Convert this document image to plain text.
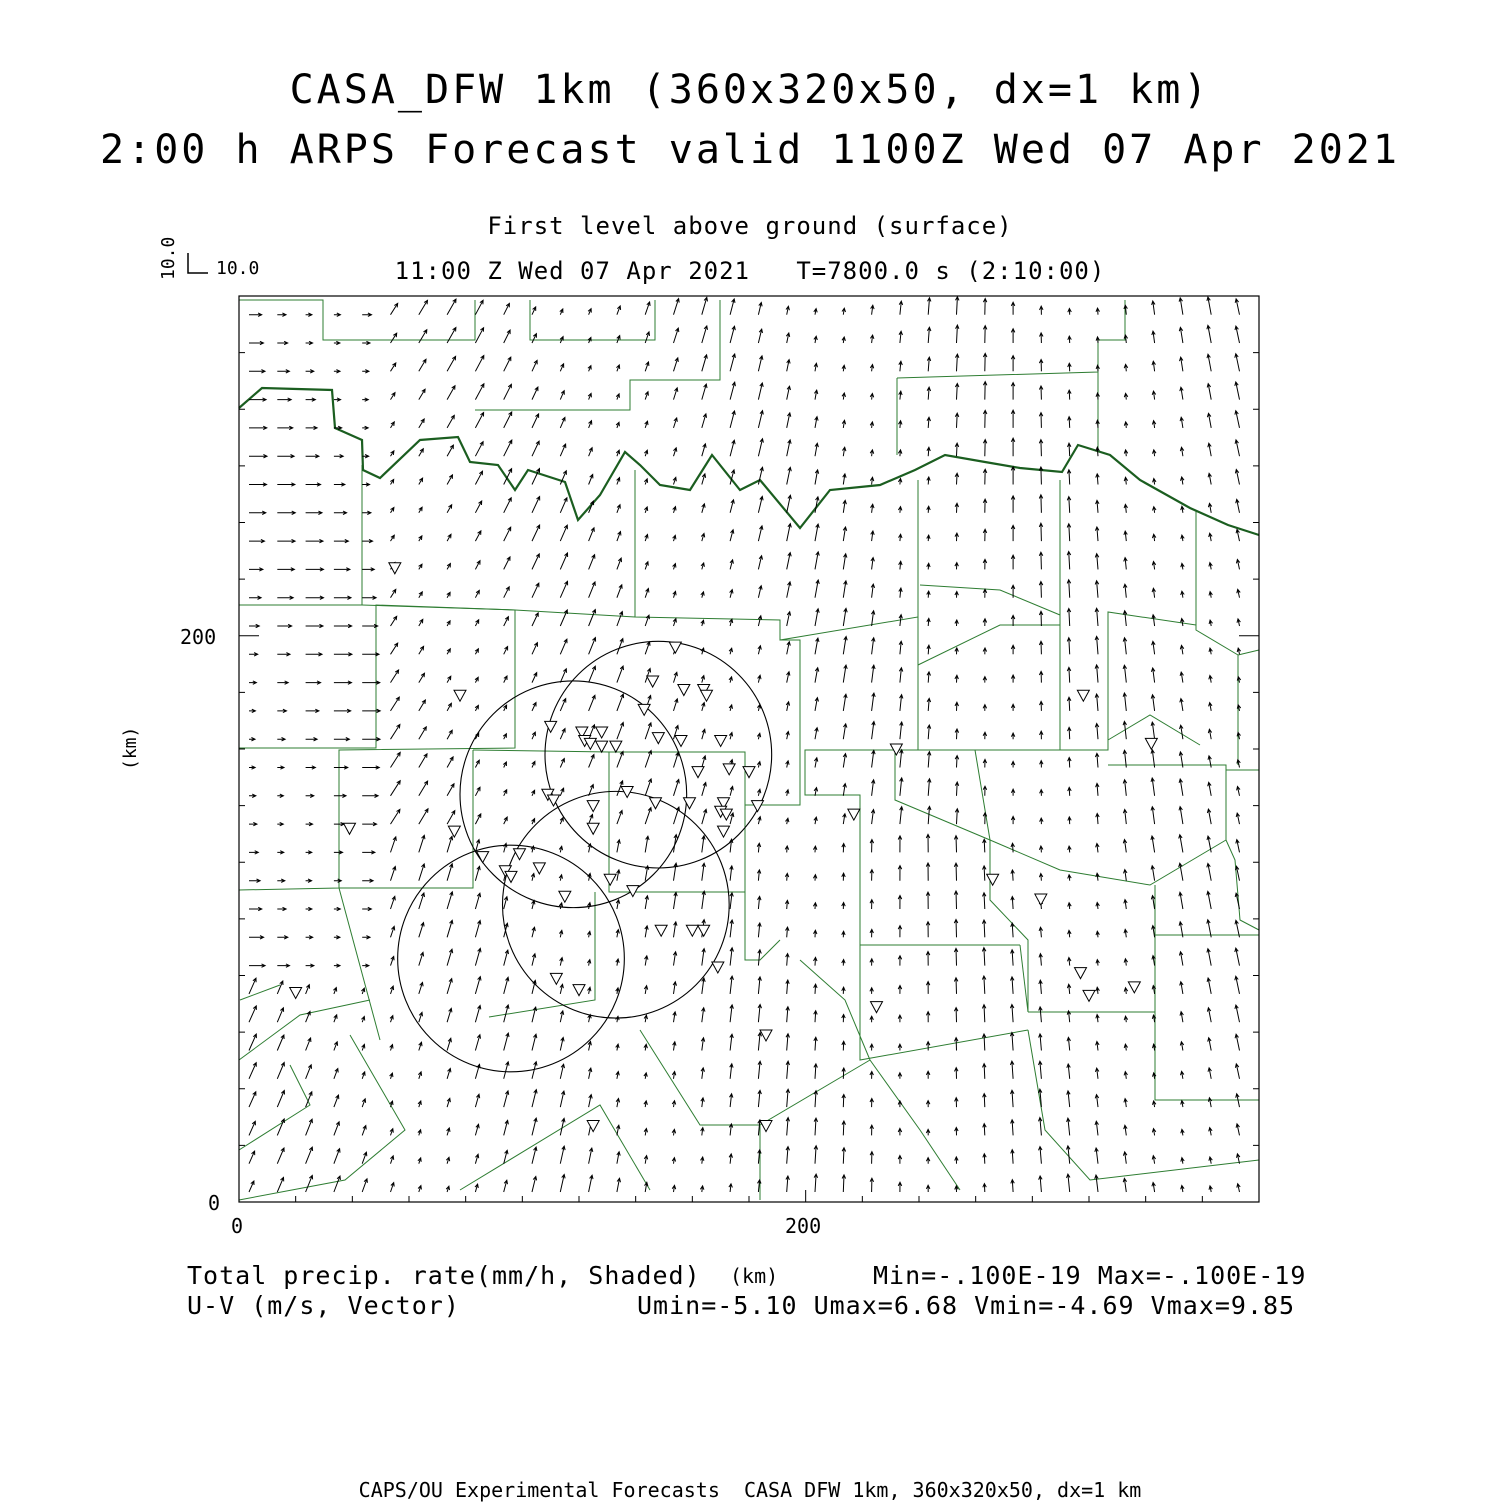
CASA_DFW 1km (360x320x50, dx=1 km)
2:00 h ARPS Forecast valid 1100Z Wed 07 Apr 2021
First level above ground (surface)
11:00 Z Wed 07 Apr 2021   T=7800.0 s (2:10:00)
10.0
10.0
(km)
0	200
0
200
Total precip. rate(mm/h, Shaded) (km)	Min=-.100E-19 Max=-.100E-19
U-V (m/s, Vector)	Umin=-5.10 Umax=6.68 Vmin=-4.69 Vmax=9.85
CAPS/OU Experimental Forecasts  CASA DFW 1km, 360x320x50, dx=1 km
